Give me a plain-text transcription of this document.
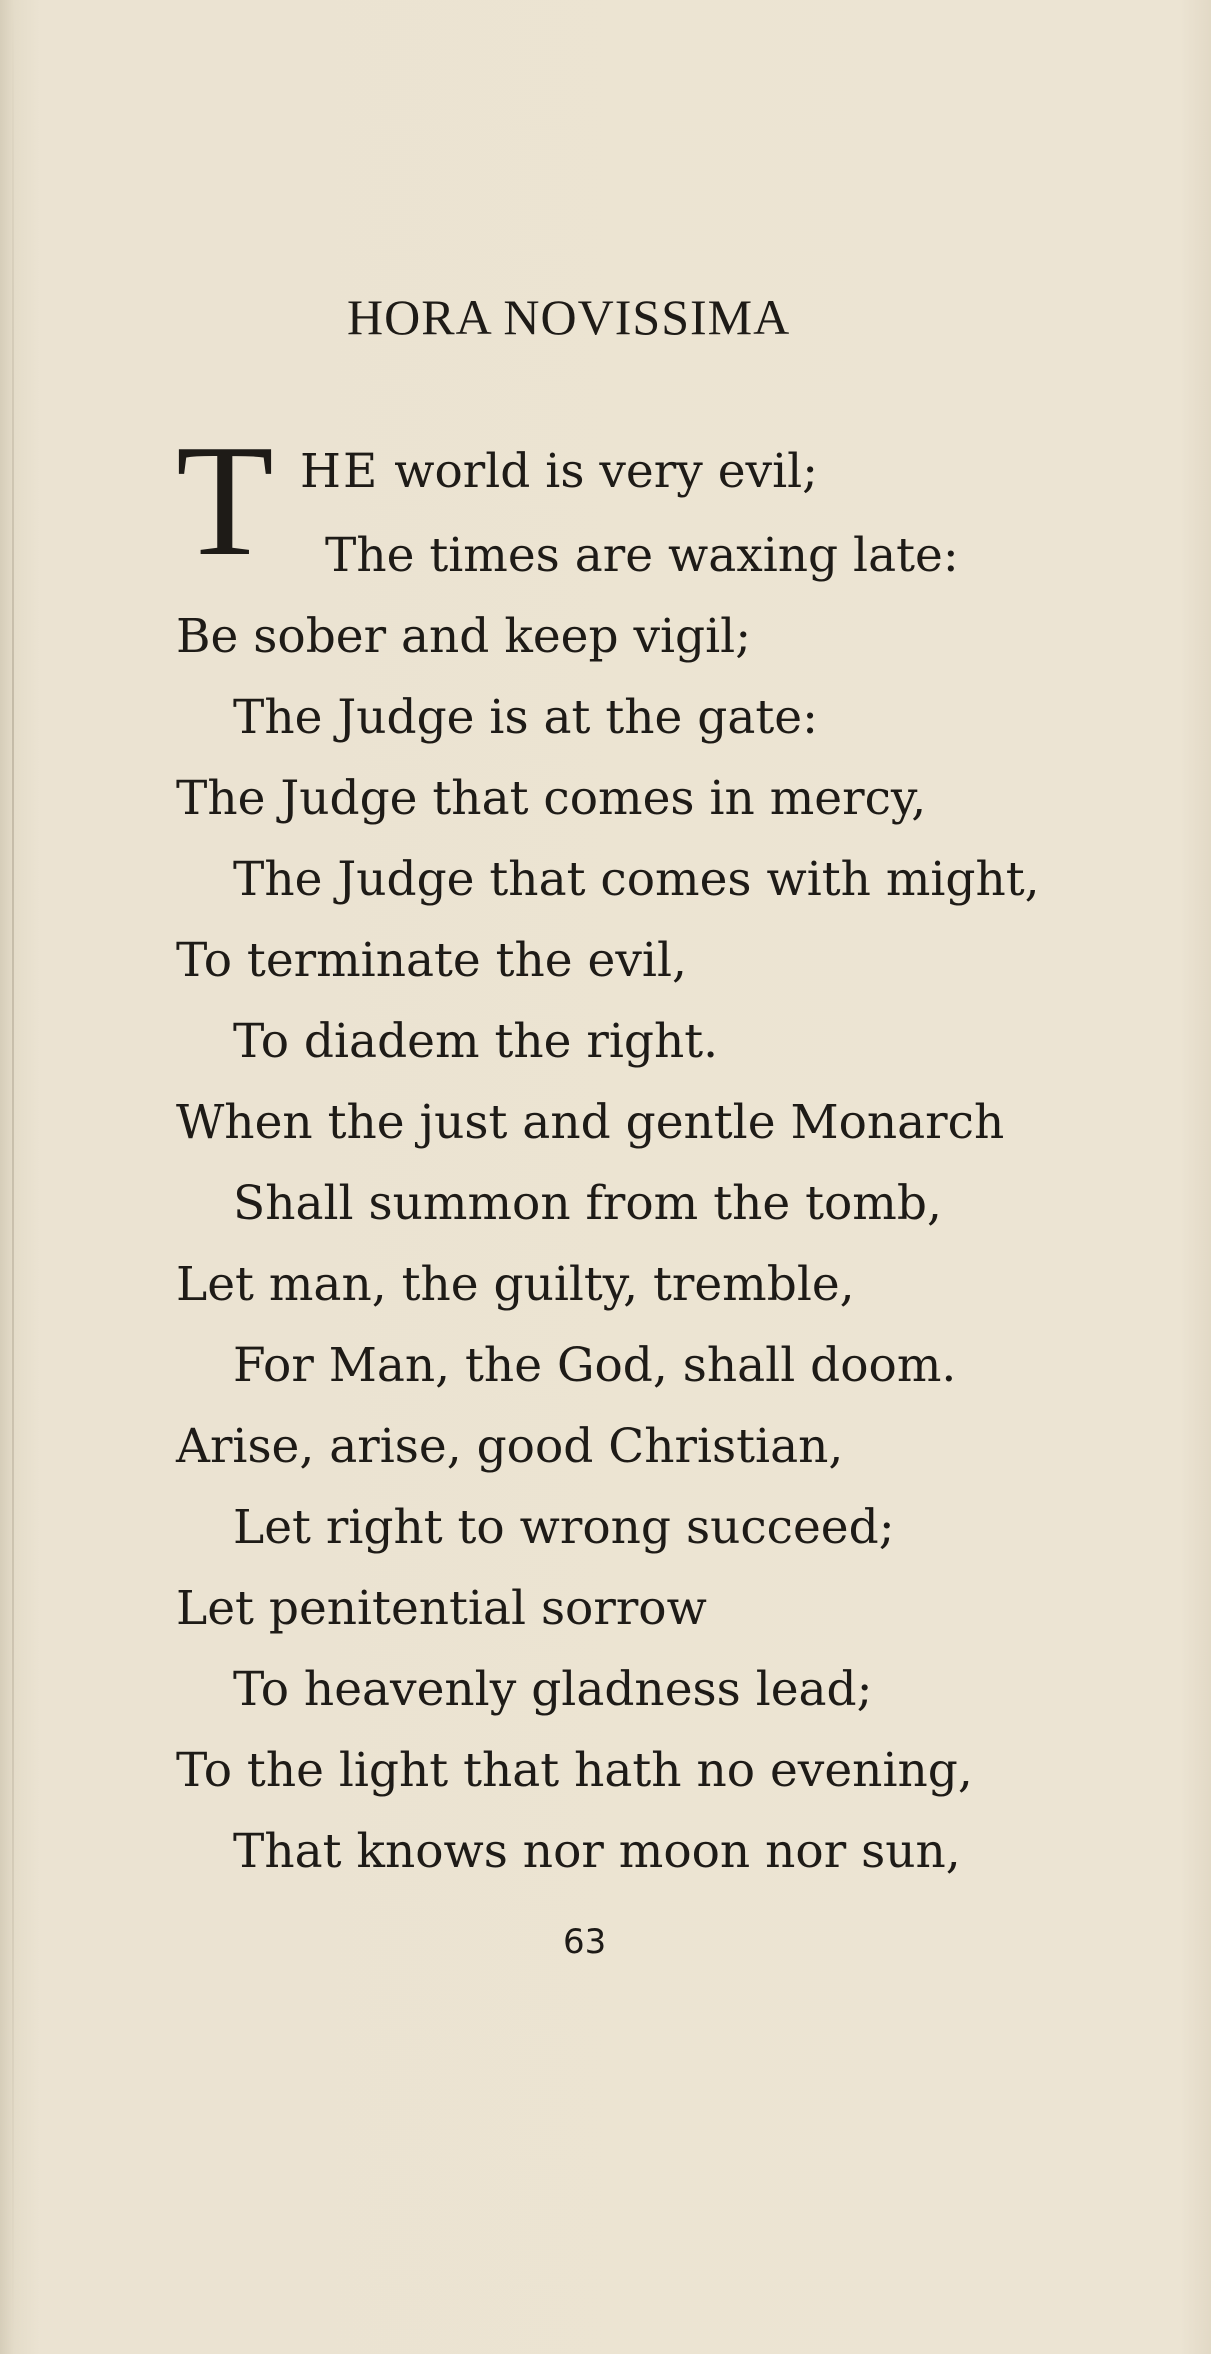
HORA NOVISSIMA
T HE world is very evil;
The times are waxing late:
Be sober and keep vigil;
The Judge is at the gate:
The Judge that comes in mercy,
The Judge that comes with might,
To terminate the evil,
To diadem the right.
When the just and gentle Monarch
Shall summon from the tomb,
Let man, the guilty, tremble,
For Man, the God, shall doom.
Arise, arise, good Christian,
Let right to wrong succeed;
Let penitential sorrow
To heavenly gladness lead;
To the light that hath no evening,
That knows nor moon nor sun,
63
